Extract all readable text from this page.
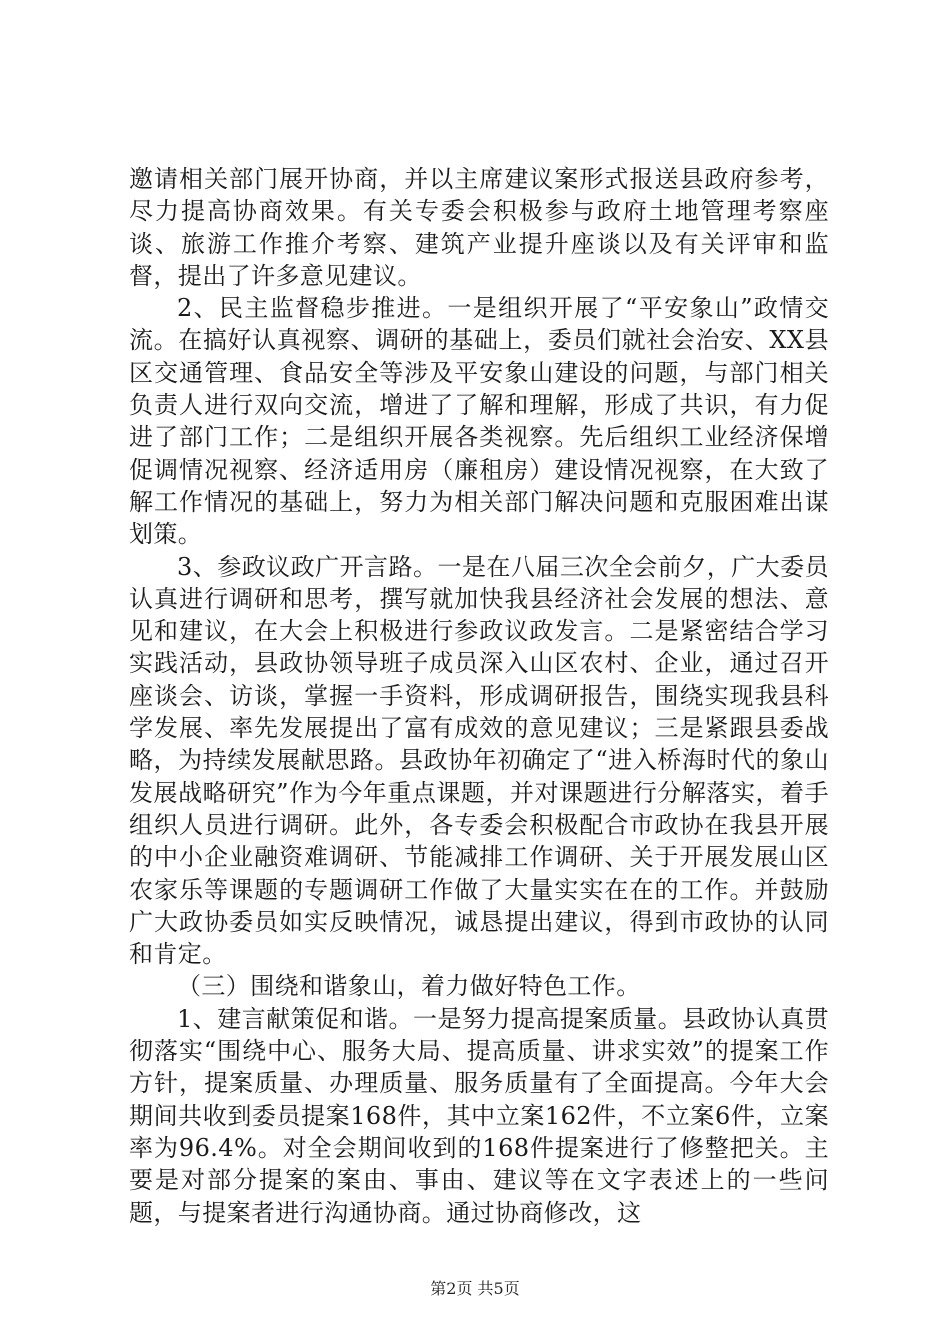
邀请相关部门展开协商，并以主席建议案形式报送县政府参考，尽力提高协商效果。有关专委会积极参与政府土地管理考察座谈、旅游工作推介考察、建筑产业提升座谈以及有关评审和监督，提出了许多意见建议。

2、民主监督稳步推进。一是组织开展了“平安象山”政情交流。在搞好认真视察、调研的基础上，委员们就社会治安、XX县区交通管理、食品安全等涉及平安象山建设的问题，与部门相关负责人进行双向交流，增进了了解和理解，形成了共识，有力促进了部门工作；二是组织开展各类视察。先后组织工业经济保增促调情况视察、经济适用房（廉租房）建设情况视察，在大致了解工作情况的基础上，努力为相关部门解决问题和克服困难出谋划策。

3、参政议政广开言路。一是在八届三次全会前夕，广大委员认真进行调研和思考，撰写就加快我县经济社会发展的想法、意见和建议，在大会上积极进行参政议政发言。二是紧密结合学习实践活动，县政协领导班子成员深入山区农村、企业，通过召开座谈会、访谈，掌握一手资料，形成调研报告，围绕实现我县科学发展、率先发展提出了富有成效的意见建议；三是紧跟县委战略，为持续发展献思路。县政协年初确定了“进入桥海时代的象山发展战略研究”作为今年重点课题，并对课题进行分解落实，着手组织人员进行调研。此外，各专委会积极配合市政协在我县开展的中小企业融资难调研、节能减排工作调研、关于开展发展山区农家乐等课题的专题调研工作做了大量实实在在的工作。并鼓励广大政协委员如实反映情况，诚恳提出建议，得到市政协的认同和肯定。

（三）围绕和谐象山，着力做好特色工作。

1、建言献策促和谐。一是努力提高提案质量。县政协认真贯彻落实“围绕中心、服务大局、提高质量、讲求实效”的提案工作方针，提案质量、办理质量、服务质量有了全面提高。今年大会期间共收到委员提案168件，其中立案162件，不立案6件，立案率为96.4%。对全会期间收到的168件提案进行了修整把关。主要是对部分提案的案由、事由、建议等在文字表述上的一些问题，与提案者进行沟通协商。通过协商修改，这

第2页 共5页
